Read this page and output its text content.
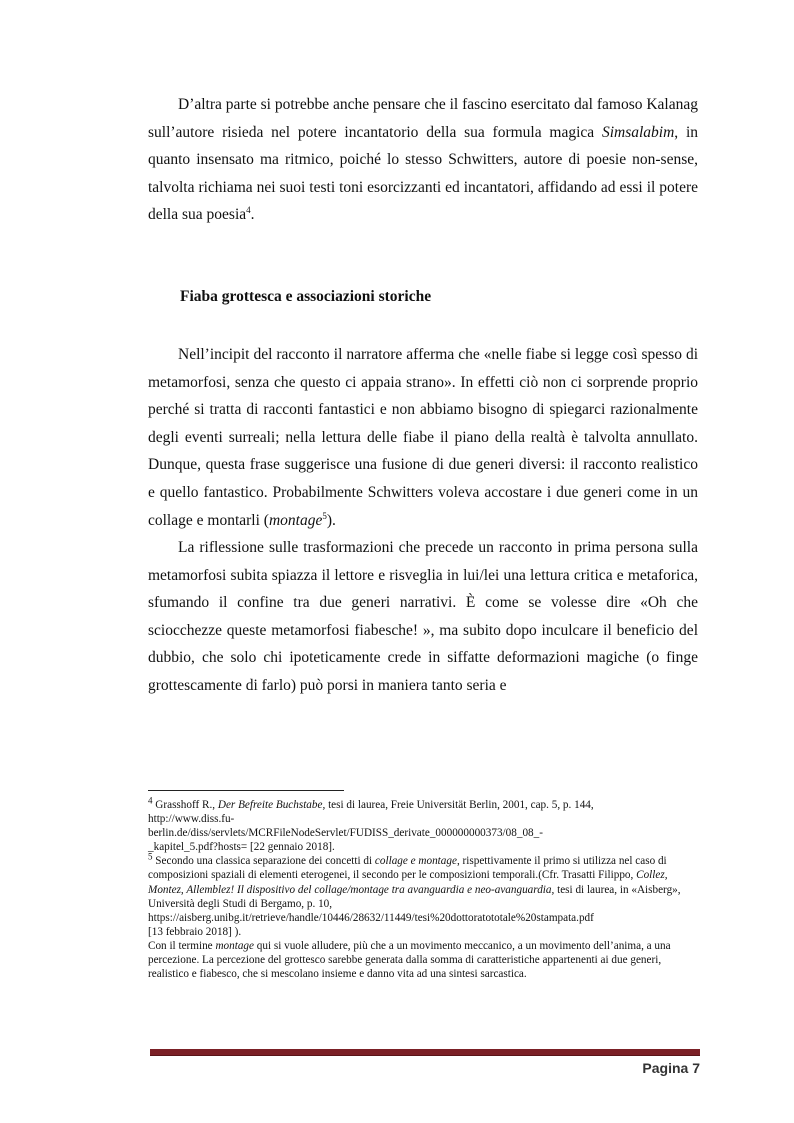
D’altra parte si potrebbe anche pensare che il fascino esercitato dal famoso Kalanag sull’autore risieda nel potere incantatorio della sua formula magica Simsalabim, in quanto insensato ma ritmico, poiché lo stesso Schwitters, autore di poesie non-sense, talvolta richiama nei suoi testi toni esorcizzanti ed incantatori, affidando ad essi il potere della sua poesia$^4$.

Fiaba grottesca e associazioni storiche

Nell’incipit del racconto il narratore afferma che «nelle fiabe si legge così spesso di metamorfosi, senza che questo ci appaia strano». In effetti ciò non ci sorprende proprio perché si tratta di racconti fantastici e non abbiamo bisogno di spiegarci razionalmente degli eventi surreali; nella lettura delle fiabe il piano della realtà è talvolta annullato. Dunque, questa frase suggerisce una fusione di due generi diversi: il racconto realistico e quello fantastico. Probabilmente Schwitters voleva accostare i due generi come in un collage e montarli (montage$^5$).

La riflessione sulle trasformazioni che precede un racconto in prima persona sulla metamorfosi subita spiazza il lettore e risveglia in lui/lei una lettura critica e metaforica, sfumando il confine tra due generi narrativi. È come se volesse dire «Oh che sciocchezze queste metamorfosi fiabesche! », ma subito dopo inculcare il beneficio del dubbio, che solo chi ipoteticamente crede in siffatte deformazioni magiche (o finge grottescamente di farlo) può porsi in maniera tanto seria e

$^4$ Grasshoff R., Der Befreite Buchstabe, tesi di laurea, Freie Universität Berlin, 2001, cap. 5, p. 144,
http://www.diss.fu-
berlin.de/diss/servlets/MCRFileNodeServlet/FUDISS_derivate_000000000373/08_08_-
_kapitel_5.pdf?hosts= [22 gennaio 2018].

$^5$ Secondo una classica separazione dei concetti di collage e montage, rispettivamente il primo si utilizza nel caso di composizioni spaziali di elementi eterogenei, il secondo per le composizioni temporali.(Cfr. Trasatti Filippo, Collez, Montez, Allemblez! Il dispositivo del collage/montage tra avanguardia e neo-avanguardia, tesi di laurea, in «Aisberg», Università degli Studi di Bergamo, p. 10,
https://aisberg.unibg.it/retrieve/handle/10446/28632/11449/tesi%20dottoratototale%20stampata.pdf
[13 febbraio 2018] ).
Con il termine montage qui si vuole alludere, più che a un movimento meccanico, a un movimento dell’anima, a una percezione. La percezione del grottesco sarebbe generata dalla somma di caratteristiche appartenenti ai due generi, realistico e fiabesco, che si mescolano insieme e danno vita ad una sintesi sarcastica.

Pagina 7
